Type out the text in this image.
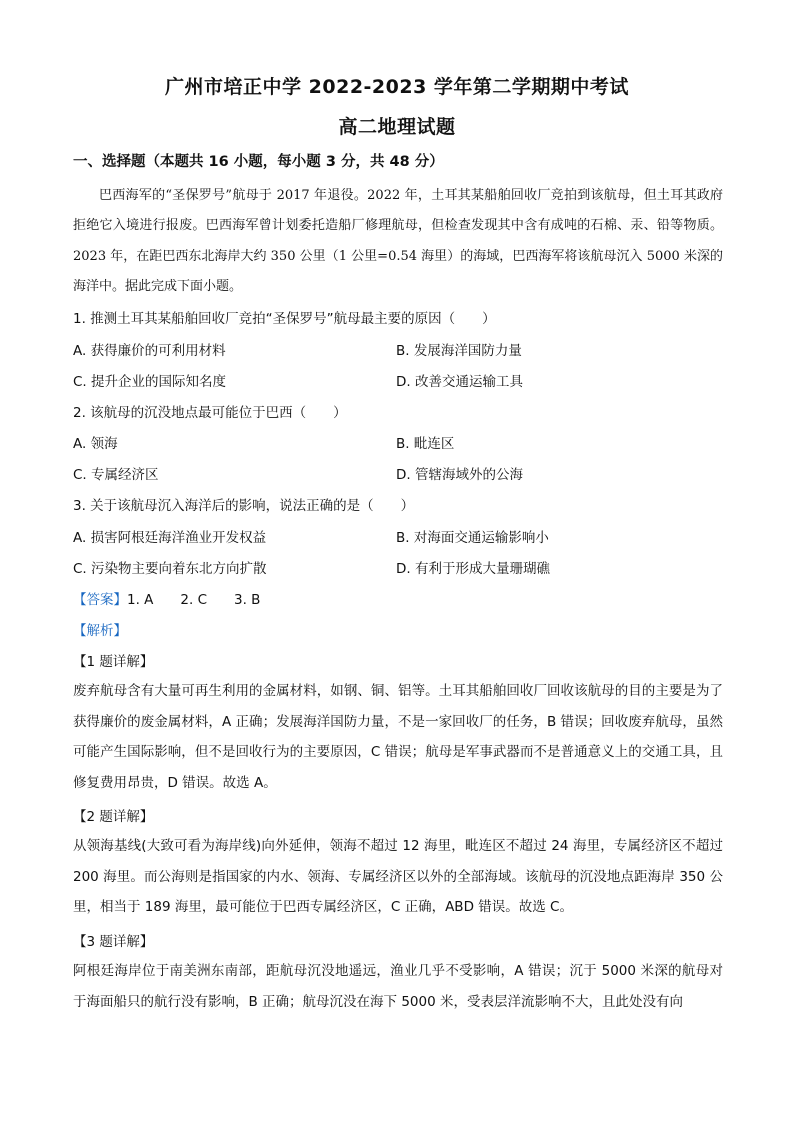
广州市培正中学 2022-2023 学年第二学期期中考试
高二地理试题
一、选择题（本题共 16 小题，每小题 3 分，共 48 分）
巴西海军的“圣保罗号”航母于 2017 年退役。2022 年，土耳其某船舶回收厂竞拍到该航母，但土耳其政府拒绝它入境进行报废。巴西海军曾计划委托造船厂修理航母，但检查发现其中含有成吨的石棉、汞、铅等物质。2023 年，在距巴西东北海岸大约 350 公里（1 公里=0.54 海里）的海域，巴西海军将该航母沉入 5000 米深的海洋中。据此完成下面小题。
1. 推测土耳其某船舶回收厂竞拍“圣保罗号”航母最主要的原因（　　）
A. 获得廉价的可利用材料	B. 发展海洋国防力量
C. 提升企业的国际知名度	D. 改善交通运输工具
2. 该航母的沉没地点最可能位于巴西（　　）
A. 领海	B. 毗连区
C. 专属经济区	D. 管辖海域外的公海
3. 关于该航母沉入海洋后的影响，说法正确的是（　　）
A. 损害阿根廷海洋渔业开发权益	B. 对海面交通运输影响小
C. 污染物主要向着东北方向扩散	D. 有利于形成大量珊瑚礁
【答案】1. A　　2. C　　3. B
【解析】
【1 题详解】
废弃航母含有大量可再生利用的金属材料，如钢、铜、铝等。土耳其船舶回收厂回收该航母的目的主要是为了获得廉价的废金属材料，A 正确；发展海洋国防力量，不是一家回收厂的任务，B 错误；回收废弃航母，虽然可能产生国际影响，但不是回收行为的主要原因，C 错误；航母是军事武器而不是普通意义上的交通工具，且修复费用昂贵，D 错误。故选 A。
【2 题详解】
从领海基线(大致可看为海岸线)向外延伸，领海不超过 12 海里，毗连区不超过 24 海里，专属经济区不超过 200 海里。而公海则是指国家的内水、领海、专属经济区以外的全部海域。该航母的沉没地点距海岸 350 公里，相当于 189 海里，最可能位于巴西专属经济区，C 正确，ABD 错误。故选 C。
【3 题详解】
阿根廷海岸位于南美洲东南部，距航母沉没地遥远，渔业几乎不受影响，A 错误；沉于 5000 米深的航母对于海面船只的航行没有影响，B 正确；航母沉没在海下 5000 米，受表层洋流影响不大，且此处没有向
